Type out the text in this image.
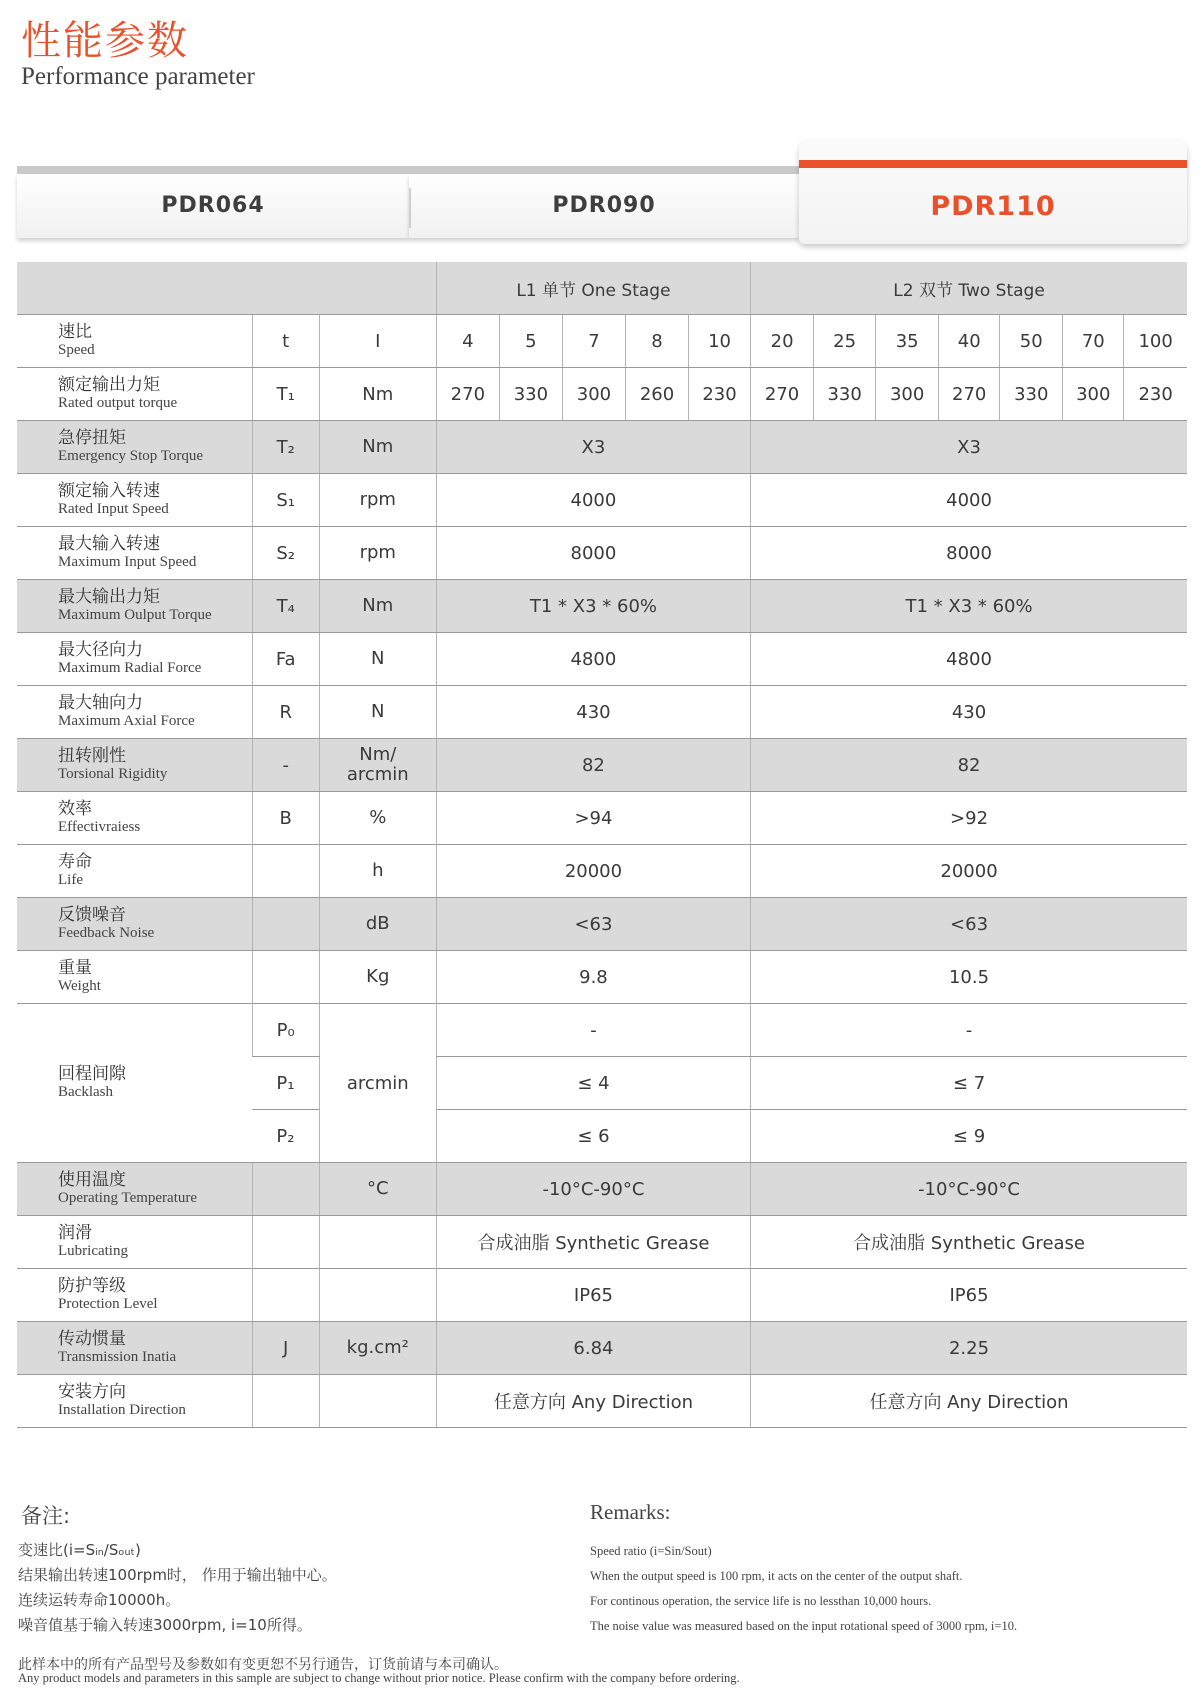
性能参数
Performance parameter
PDR064	PDR090	PDR110
			L1 单节 One Stage					L2 双节 Two Stage						

速比
Speed	t	I	4	5	7	8	10	20	25	35	40	50	70	100

额定输出力矩
Rated output torque	T₁	Nm	270	330	300	260	230	270	330	300	270	330	300	230

急停扭矩
Emergency Stop Torque	T₂	Nm	X3					X3						

额定输入转速
Rated Input Speed	S₁	rpm	4000					4000						

最大输入转速
Maximum Input Speed	S₂	rpm	8000					8000						

最大输出力矩
Maximum Oulput Torque	T₄	Nm	T1 * X3 * 60%					T1 * X3 * 60%						

最大径向力
Maximum Radial Force	Fa	N	4800					4800						

最大轴向力
Maximum Axial Force	R	N	430					430						

扭转刚性
Torsional Rigidity	-	Nm/
arcmin	82					82						

效率
Effectivraiess	B	%	>94					>92						

寿命
Life		h	20000					20000						

反馈噪音
Feedback Noise		dB	<63					<63						

重量
Weight		Kg	9.8					10.5						

回程间隙
Backlash	P₀	arcmin	-					-						
	P₁		≤ 4					≤ 7						
	P₂		≤ 6					≤ 9						

使用温度
Operating Temperature		°C	-10°C-90°C					-10°C-90°C						

润滑
Lubricating			合成油脂 Synthetic Grease					合成油脂 Synthetic Grease						

防护等级
Protection Level			IP65					IP65						

传动惯量
Transmission Inatia	J	kg.cm²	6.84					2.25						

安装方向
Installation Direction			任意方向 Any Direction					任意方向 Any Direction						
备注:
变速比(i=Sᵢₙ/Sₒᵤₜ)
结果输出转速100rpm时， 作用于输出轴中心。
连续运转寿命10000h。
噪音值基于输入转速3000rpm, i=10所得。
Remarks:
Speed ratio (i=Sin/Sout)
When the output speed is 100 rpm, it acts on the center of the output shaft.
For continous operation, the service life is no lessthan 10,000 hours.
The noise value was measured based on the input rotational speed of 3000 rpm, i=10.
此样本中的所有产品型号及参数如有变更恕不另行通告，订货前请与本司确认。
Any product models and parameters in this sample are subject to change without prior notice. Please confirm with the company before ordering.
